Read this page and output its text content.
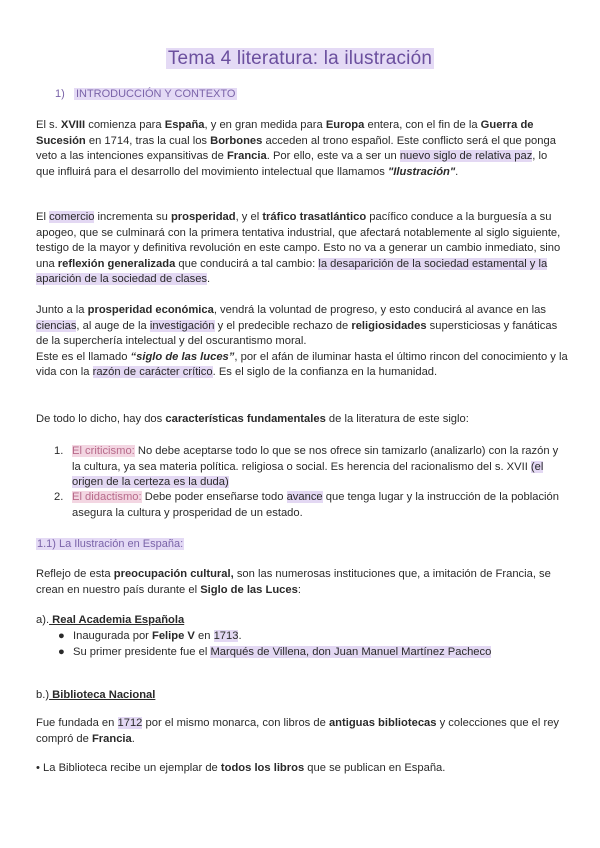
Tema 4 literatura: la ilustración
1) INTRODUCCIÓN Y CONTEXTO

El s. XVIII comienza para España, y en gran medida para Europa entera, con el fin de la Guerra de Sucesión en 1714, tras la cual los Borbones acceden al trono español. Este conflicto será el que ponga veto a las intenciones expansitivas de Francia. Por ello, este va a ser un nuevo siglo de relativa paz, lo que influirá para el desarrollo del movimiento intelectual que llamamos "Ilustración".

El comercio incrementa su prosperidad, y el tráfico trasatlántico pacífico conduce a la burguesía a su apogeo, que se culminará con la primera tentativa industrial, que afectará notablemente al siglo siguiente, testigo de la mayor y definitiva revolución en este campo. Esto no va a generar un cambio inmediato, sino una reflexión generalizada que conducirá a tal cambio: la desaparición de la sociedad estamental y la aparición de la sociedad de clases.

Junto a la prosperidad económica, vendrá la voluntad de progreso, y esto conducirá al avance en las ciencias, al auge de la investigación y el predecible rechazo de religiosidades supersticiosas y fanáticas de la superchería intelectual y del oscurantismo moral.

Este es el llamado “siglo de las luces”, por el afán de iluminar hasta el último rincon del conocimiento y la vida con la razón de carácter crítico. Es el siglo de la confianza en la humanidad.

De todo lo dicho, hay dos características fundamentales de la literatura de este siglo:

1. El criticismo: No debe aceptarse todo lo que se nos ofrece sin tamizarlo (analizarlo) con la razón y la cultura, ya sea materia política. religiosa o social. Es herencia del racionalismo del s. XVII (el origen de la certeza es la duda)
2. El didactismo: Debe poder enseñarse todo avance que tenga lugar y la instrucción de la población asegura la cultura y prosperidad de un estado.
1.1) La Ilustración en España:

Reflejo de esta preocupación cultural, son las numerosas instituciones que, a imitación de Francia, se crean en nuestro país durante el Siglo de las Luces:

a). Real Academia Española
● Inaugurada por Felipe V en 1713.
● Su primer presidente fue el Marqués de Villena, don Juan Manuel Martínez Pacheco
b.) Biblioteca Nacional

Fue fundada en 1712 por el mismo monarca, con libros de antiguas bibliotecas y colecciones que el rey compró de Francia.

• La Biblioteca recibe un ejemplar de todos los libros que se publican en España.
